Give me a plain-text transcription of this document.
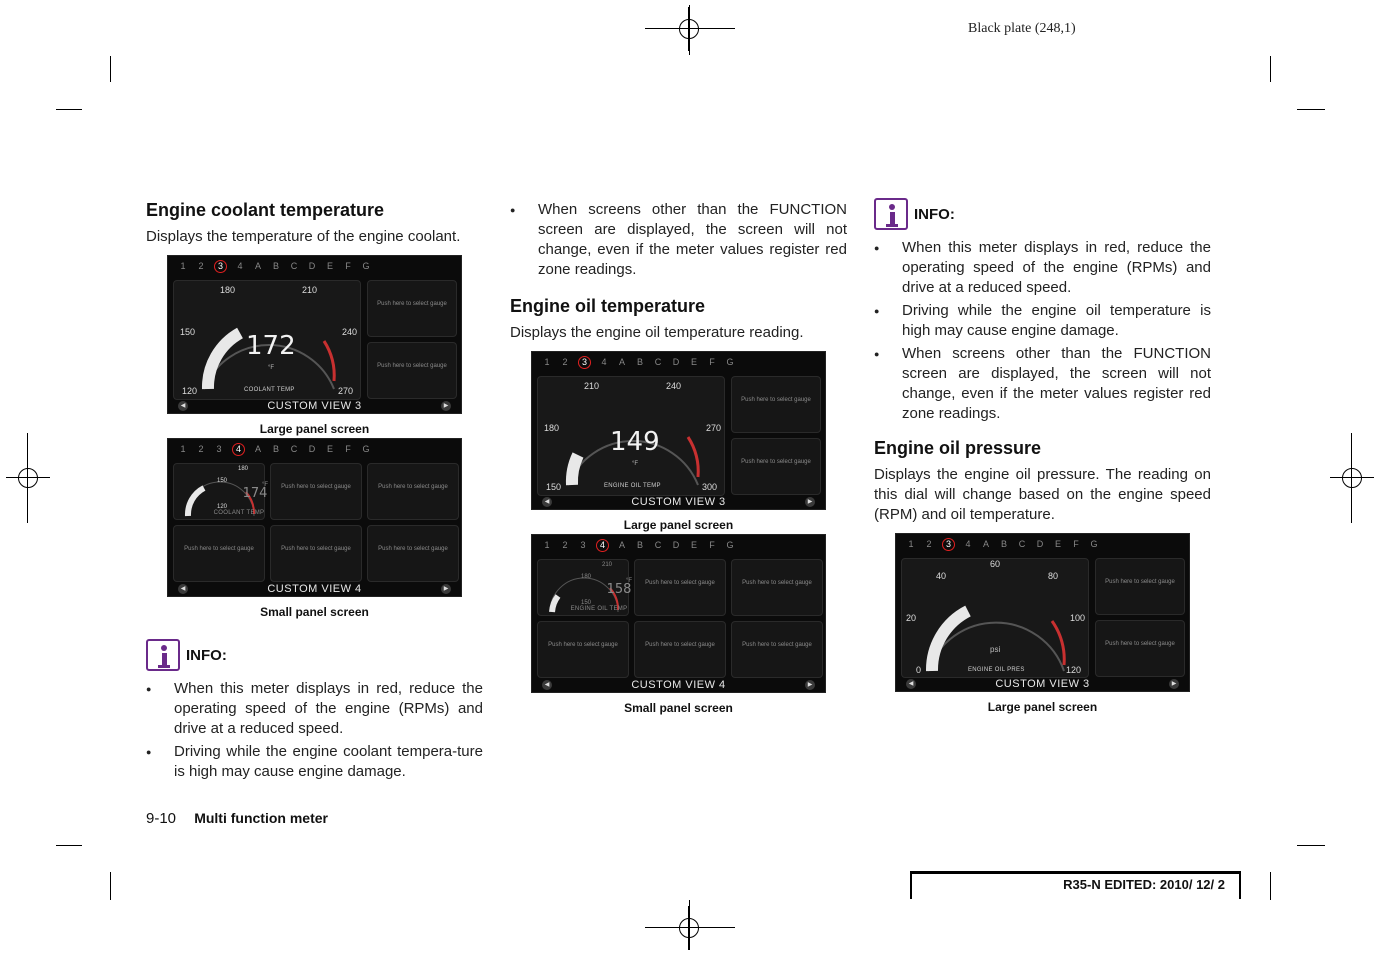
Black plate (248,1)
Engine coolant temperature

Displays the temperature of the engine coolant.

1 2	3	4 A B C D E F G
120
150
180	210
240
270
172
°F
COOLANT TEMP
Push here to select gauge
Push here to select gauge
◀	CUSTOM VIEW 3	▶
Large panel screen
1 2 3	4	A B C D E F G
150
180
120
°F
174
COOLANT TEMP
Push here to select gauge	Push here to select gauge
Push here to select gauge	Push here to select gauge	Push here to select gauge
◀	CUSTOM VIEW 4	▶
Small panel screen
INFO:
● When this meter displays in red, reduce the operating speed of the engine (RPMs) and drive at a reduced speed.
● Driving while the engine coolant tempera-ture is high may cause engine damage.
● When screens other than the FUNCTION screen are displayed, the screen will not change, even if the meter values register red zone readings.
Engine oil temperature

Displays the engine oil temperature reading.

1 2	3	4 A B C D E F G
150
180
210	240
270
300
149
°F
ENGINE OIL TEMP
Push here to select gauge
Push here to select gauge
◀	CUSTOM VIEW 3	▶
Large panel screen
1 2 3	4	A B C D E F G
180
210
150
°F
158
ENGINE OIL TEMP
Push here to select gauge	Push here to select gauge
Push here to select gauge	Push here to select gauge	Push here to select gauge
◀	CUSTOM VIEW 4	▶
Small panel screen
INFO:
● When this meter displays in red, reduce the operating speed of the engine (RPMs) and drive at a reduced speed.
● Driving while the engine oil temperature is high may cause engine damage.
● When screens other than the FUNCTION screen are displayed, the screen will not change, even if the meter values register red zone readings.
Engine oil pressure

Displays the engine oil pressure. The reading on this dial will change based on the engine speed (RPM) and oil temperature.

1 2	3	4 A B C D E F G
0
20
40
60
80
100
120
psi
ENGINE OIL PRES
Push here to select gauge
Push here to select gauge
◀	CUSTOM VIEW 3	▶
Large panel screen
9-10 Multi function meter
R35-N EDITED: 2010/ 12/ 2
